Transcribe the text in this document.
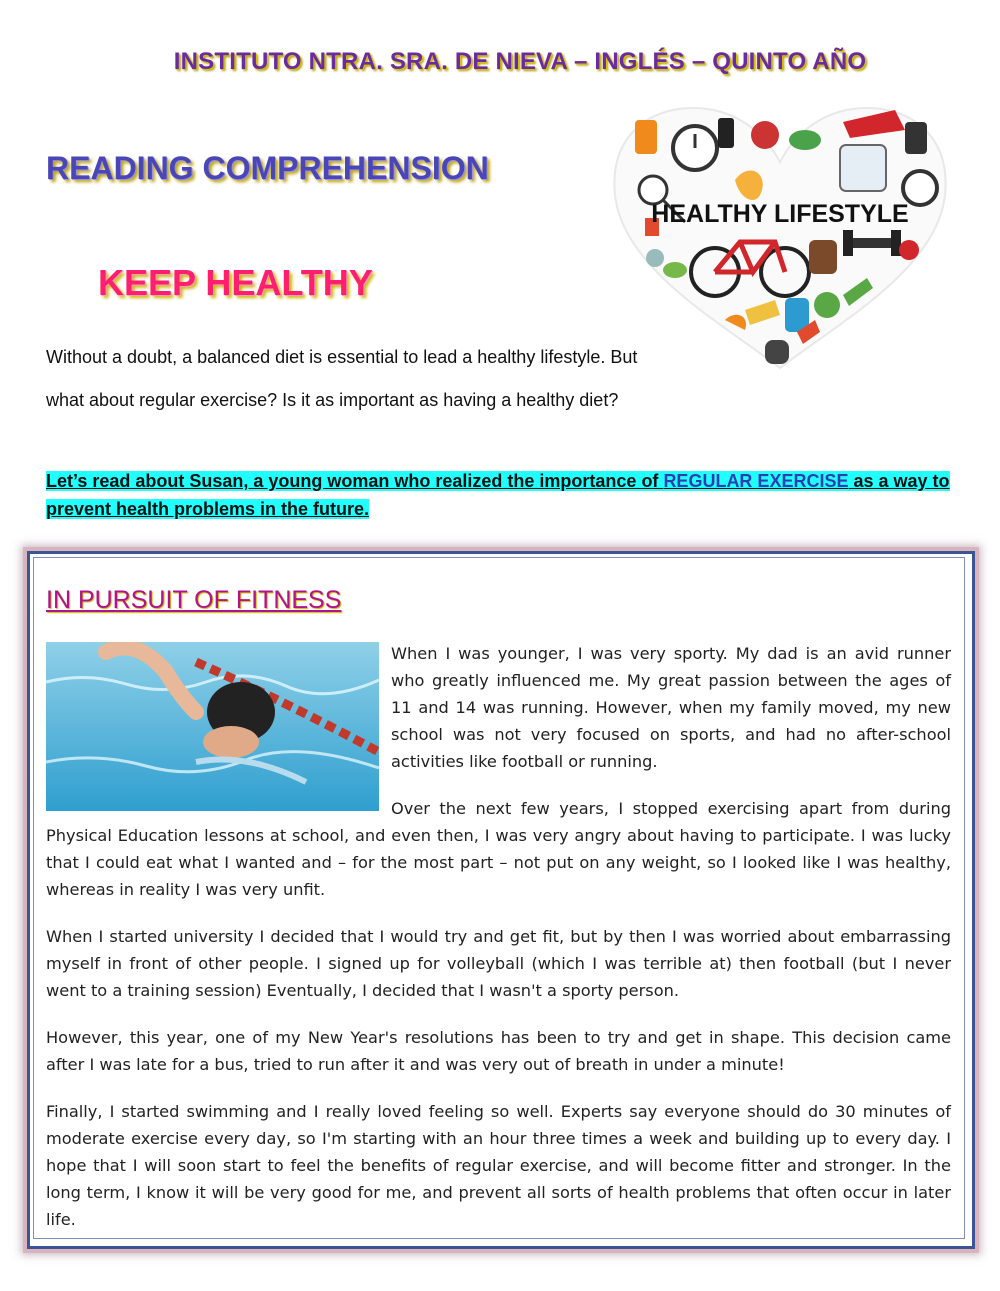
INSTITUTO NTRA. SRA. DE NIEVA – INGLÉS – QUINTO AÑO
READING COMPREHENSION
KEEP HEALTHY
HEALTHY LIFESTYLE
Without a doubt, a balanced diet is essential to lead a healthy lifestyle. But
what about regular exercise? Is it as important as having a healthy diet?
Let’s read about Susan, a young woman who realized the importance of REGULAR EXERCISE as a way to prevent health problems in the future.
IN PURSUIT OF FITNESS

When I was younger, I was very sporty. My dad is an avid runner who greatly influenced me. My great passion between the ages of 11 and 14 was running. However, when my family moved, my new school was not very focused on sports, and had no after-school activities like football or running.

Over the next few years, I stopped exercising apart from during Physical Education lessons at school, and even then, I was very angry about having to participate. I was lucky that I could eat what I wanted and – for the most part – not put on any weight, so I looked like I was healthy, whereas in reality I was very unfit.

When I started university I decided that I would try and get fit, but by then I was worried about embarrassing myself in front of other people. I signed up for volleyball (which I was terrible at) then football (but I never went to a training session) Eventually, I decided that I wasn't a sporty person.

However, this year, one of my New Year's resolutions has been to try and get in shape. This decision came after I was late for a bus, tried to run after it and was very out of breath in under a minute!

Finally, I started swimming and I really loved feeling so well. Experts say everyone should do 30 minutes of moderate exercise every day, so I'm starting with an hour three times a week and building up to every day. I hope that I will soon start to feel the benefits of regular exercise, and will become fitter and stronger. In the long term, I know it will be very good for me, and prevent all sorts of health problems that often occur in later life.
